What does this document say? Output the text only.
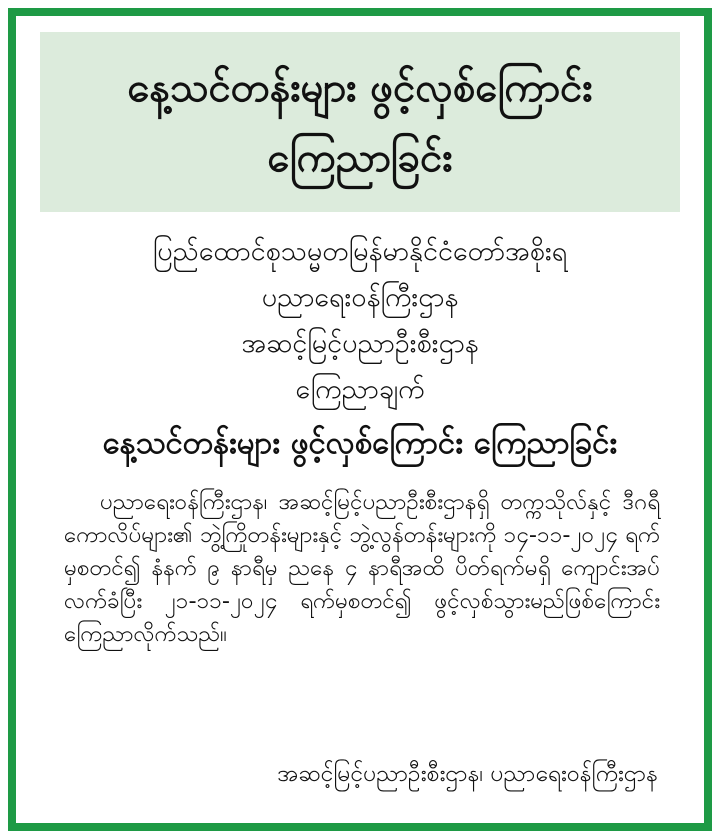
နေ့သင်တန်းများ ဖွင့်လှစ်ကြောင်း
ကြေညာခြင်း
ပြည်ထောင်စုသမ္မတမြန်မာနိုင်ငံတော်အစိုးရ
ပညာရေးဝန်ကြီးဌာန
အဆင့်မြင့်ပညာဦးစီးဌာန
ကြေညာချက်
နေ့သင်တန်းများ ဖွင့်လှစ်ကြောင်း ကြေညာခြင်း
ပညာရေးဝန်ကြီးဌာန၊ အဆင့်မြင့်ပညာဦးစီးဌာနရှိ တက္ကသိုလ်နှင့် ဒီဂရီကောလိပ်များ၏ ဘွဲ့ကြိုတန်းများနှင့် ဘွဲ့လွန်တန်းများကို ၁၄-၁၁-၂၀၂၄ ရက်မှစတင်၍ နံနက် ၉ နာရီမှ ညနေ ၄ နာရီအထိ ပိတ်ရက်မရှိ ကျောင်းအပ်လက်ခံပြီး ၂၁-၁၁-၂၀၂၄ ရက်မှစတင်၍ ဖွင့်လှစ်သွားမည်ဖြစ်ကြောင်း ကြေညာလိုက်သည်။
အဆင့်မြင့်ပညာဦးစီးဌာန၊ ပညာရေးဝန်ကြီးဌာန
